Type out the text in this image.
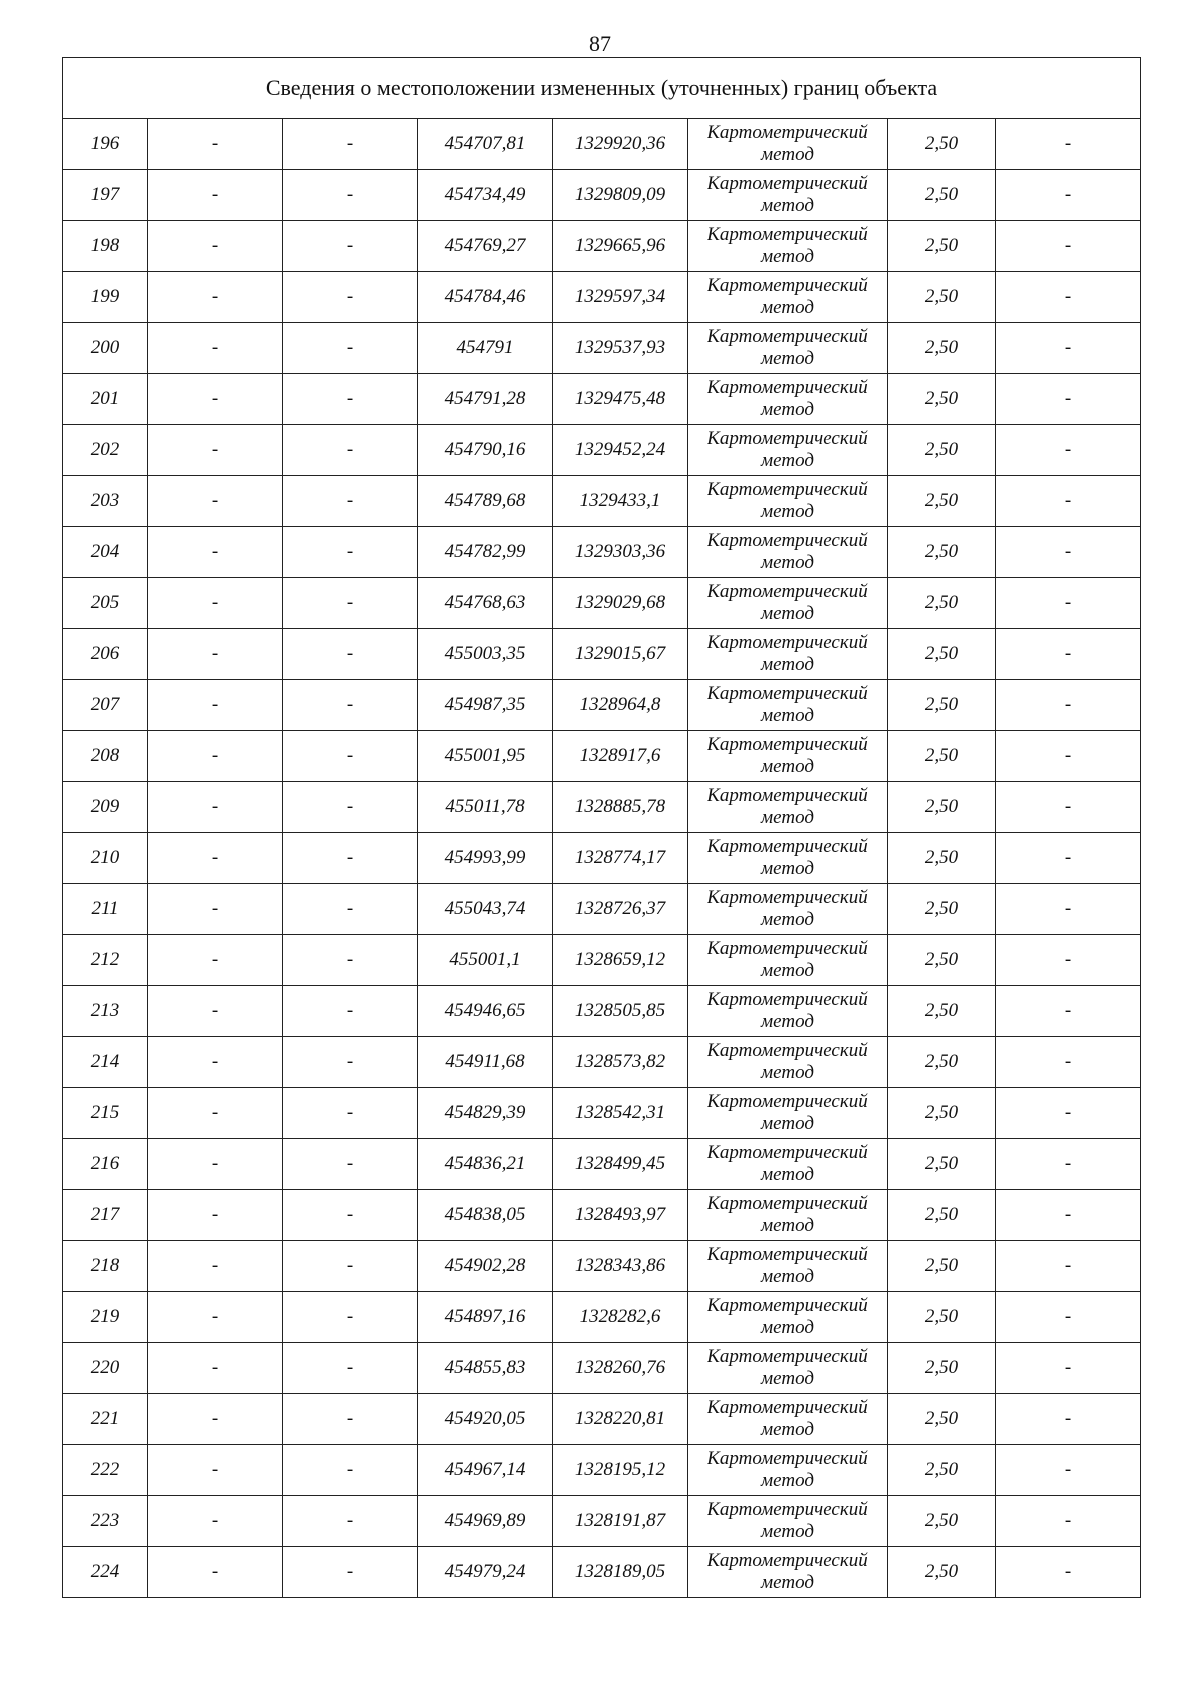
87
Сведения о местоположении измененных (уточненных) границ объекта							
196	-	-	454707,81	1329920,36	Картометрический метод	2,50	-
197	-	-	454734,49	1329809,09	Картометрический метод	2,50	-
198	-	-	454769,27	1329665,96	Картометрический метод	2,50	-
199	-	-	454784,46	1329597,34	Картометрический метод	2,50	-
200	-	-	454791	1329537,93	Картометрический метод	2,50	-
201	-	-	454791,28	1329475,48	Картометрический метод	2,50	-
202	-	-	454790,16	1329452,24	Картометрический метод	2,50	-
203	-	-	454789,68	1329433,1	Картометрический метод	2,50	-
204	-	-	454782,99	1329303,36	Картометрический метод	2,50	-
205	-	-	454768,63	1329029,68	Картометрический метод	2,50	-
206	-	-	455003,35	1329015,67	Картометрический метод	2,50	-
207	-	-	454987,35	1328964,8	Картометрический метод	2,50	-
208	-	-	455001,95	1328917,6	Картометрический метод	2,50	-
209	-	-	455011,78	1328885,78	Картометрический метод	2,50	-
210	-	-	454993,99	1328774,17	Картометрический метод	2,50	-
211	-	-	455043,74	1328726,37	Картометрический метод	2,50	-
212	-	-	455001,1	1328659,12	Картометрический метод	2,50	-
213	-	-	454946,65	1328505,85	Картометрический метод	2,50	-
214	-	-	454911,68	1328573,82	Картометрический метод	2,50	-
215	-	-	454829,39	1328542,31	Картометрический метод	2,50	-
216	-	-	454836,21	1328499,45	Картометрический метод	2,50	-
217	-	-	454838,05	1328493,97	Картометрический метод	2,50	-
218	-	-	454902,28	1328343,86	Картометрический метод	2,50	-
219	-	-	454897,16	1328282,6	Картометрический метод	2,50	-
220	-	-	454855,83	1328260,76	Картометрический метод	2,50	-
221	-	-	454920,05	1328220,81	Картометрический метод	2,50	-
222	-	-	454967,14	1328195,12	Картометрический метод	2,50	-
223	-	-	454969,89	1328191,87	Картометрический метод	2,50	-
224	-	-	454979,24	1328189,05	Картометрический метод	2,50	-
